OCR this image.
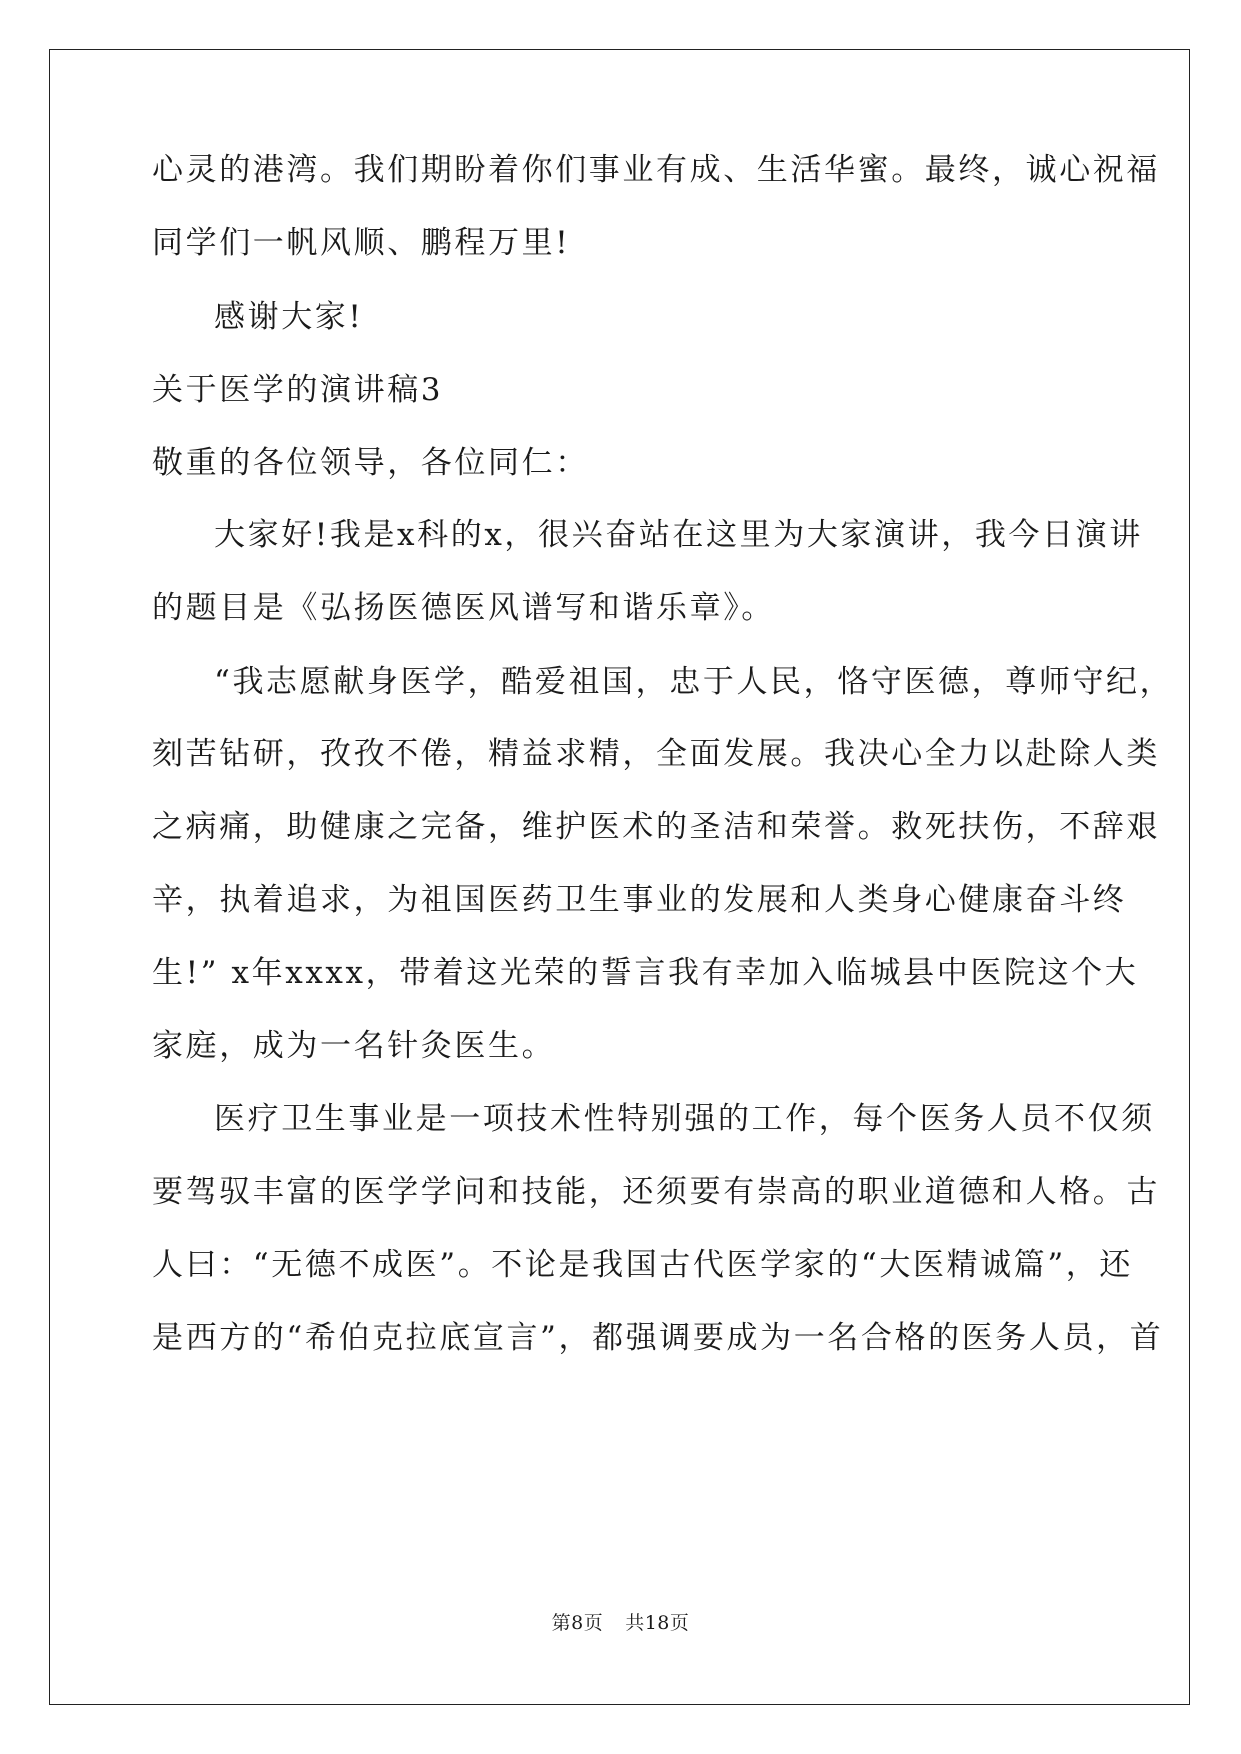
心灵的港湾。我们期盼着你们事业有成、生活华蜜。最终，诚心祝福
同学们一帆风顺、鹏程万里!
感谢大家!
关于医学的演讲稿3
敬重的各位领导，各位同仁：
大家好!我是x科的x，很兴奋站在这里为大家演讲，我今日演讲
的题目是《弘扬医德医风谱写和谐乐章》。
“我志愿献身医学，酷爱祖国，忠于人民，恪守医德，尊师守纪，
刻苦钻研，孜孜不倦，精益求精，全面发展。我决心全力以赴除人类
之病痛，助健康之完备，维护医术的圣洁和荣誉。救死扶伤，不辞艰
辛，执着追求，为祖国医药卫生事业的发展和人类身心健康奋斗终
生!” x年xxxx，带着这光荣的誓言我有幸加入临城县中医院这个大
家庭，成为一名针灸医生。
医疗卫生事业是一项技术性特别强的工作，每个医务人员不仅须
要驾驭丰富的医学学问和技能，还须要有崇高的职业道德和人格。古
人曰：“无德不成医”。不论是我国古代医学家的“大医精诚篇”，还
是西方的“希伯克拉底宣言”，都强调要成为一名合格的医务人员，首
第8页 共18页
